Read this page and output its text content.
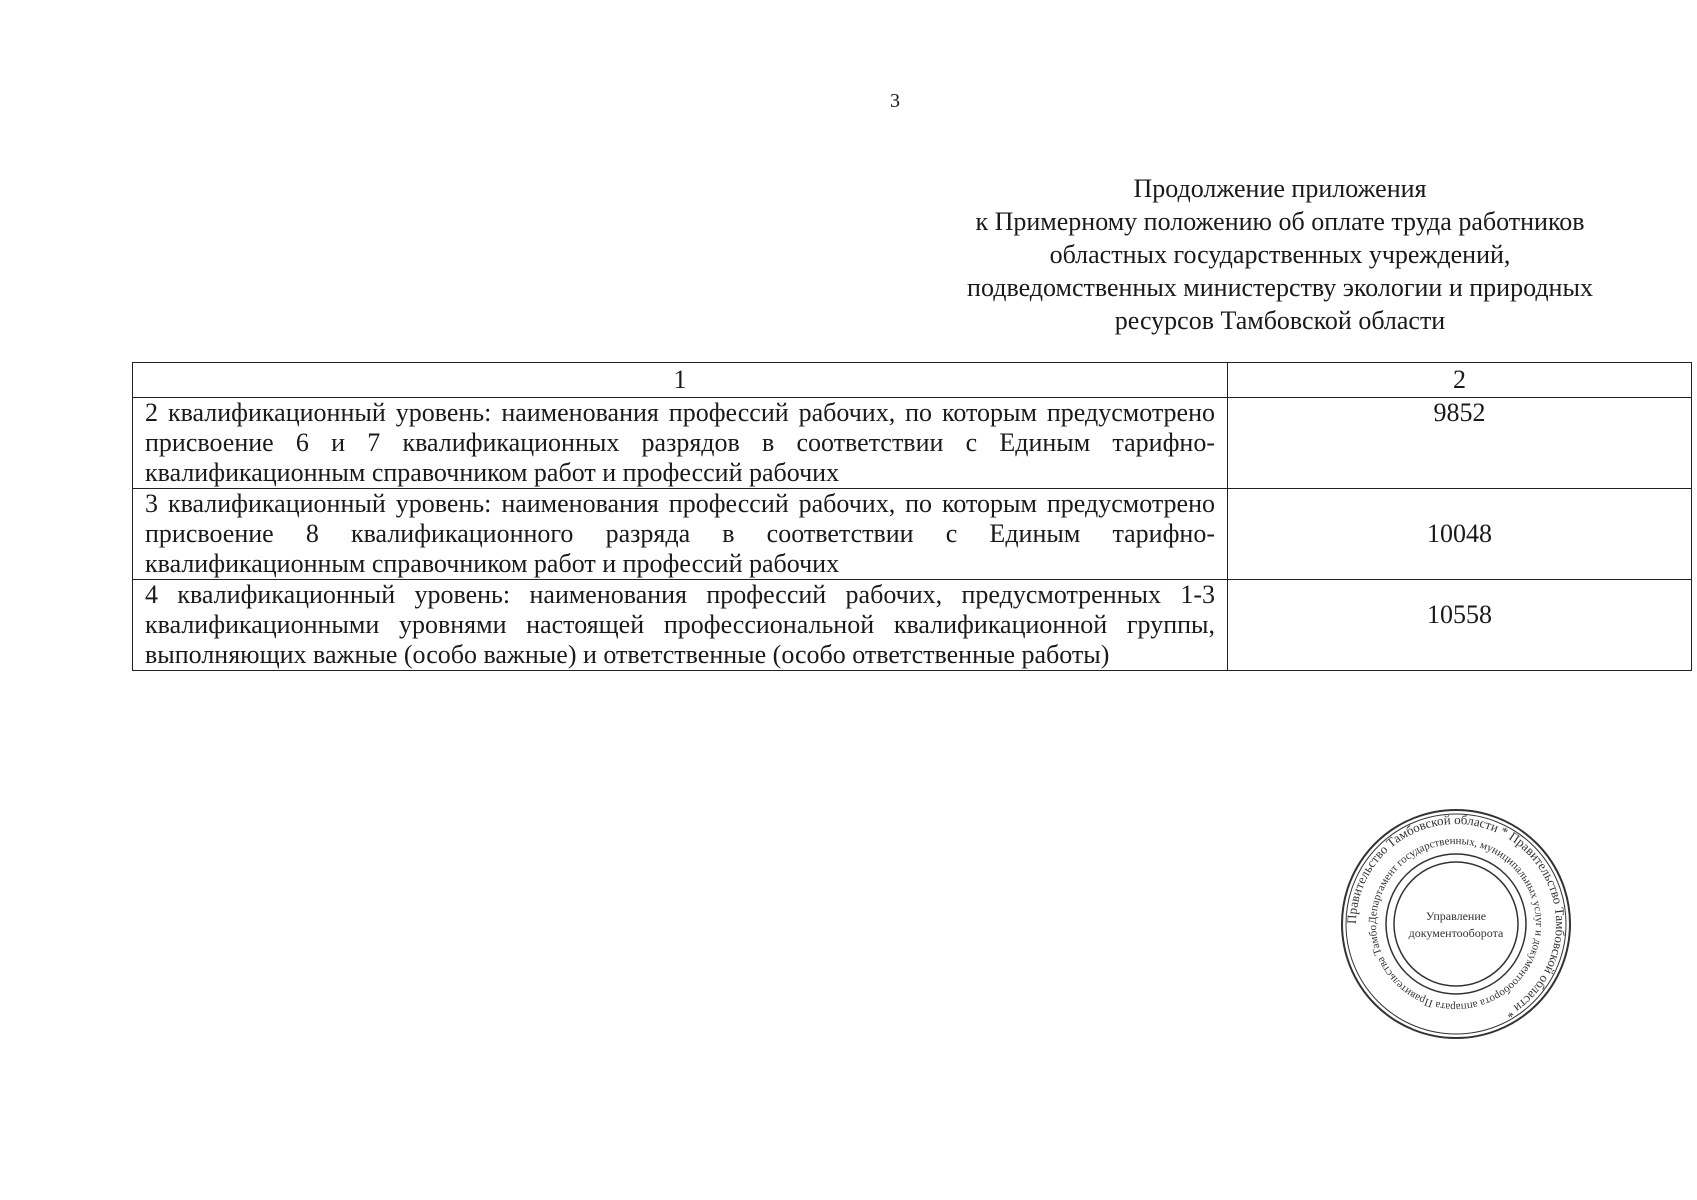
3
Продолжение приложения
к Примерному положению об оплате труда работников
областных государственных учреждений,
подведомственных министерству экологии и природных
ресурсов Тамбовской области
1	2
2 квалификационный уровень: наименования профессий рабочих, по которым предусмотрено присвоение 6 и 7 квалификационных разрядов в соответствии с Единым тарифно-квалификационным справочником работ и профессий рабочих	9852
3 квалификационный уровень: наименования профессий рабочих, по которым предусмотрено присвоение 8 квалификационного разряда в соответствии с Единым тарифно-квалификационным справочником работ и профессий рабочих	10048
4 квалификационный уровень: наименования профессий рабочих, предусмотренных 1-3 квалификационными уровнями настоящей профессиональной квалификационной группы, выполняющих важные (особо важные) и ответственные (особо ответственные работы)	10558
Правительство Тамбовской области * Правительство Тамбовской области *
Департамент государственных, муниципальных услуг и документооборота аппарата Правительства Тамбо
Управление
документооборота
